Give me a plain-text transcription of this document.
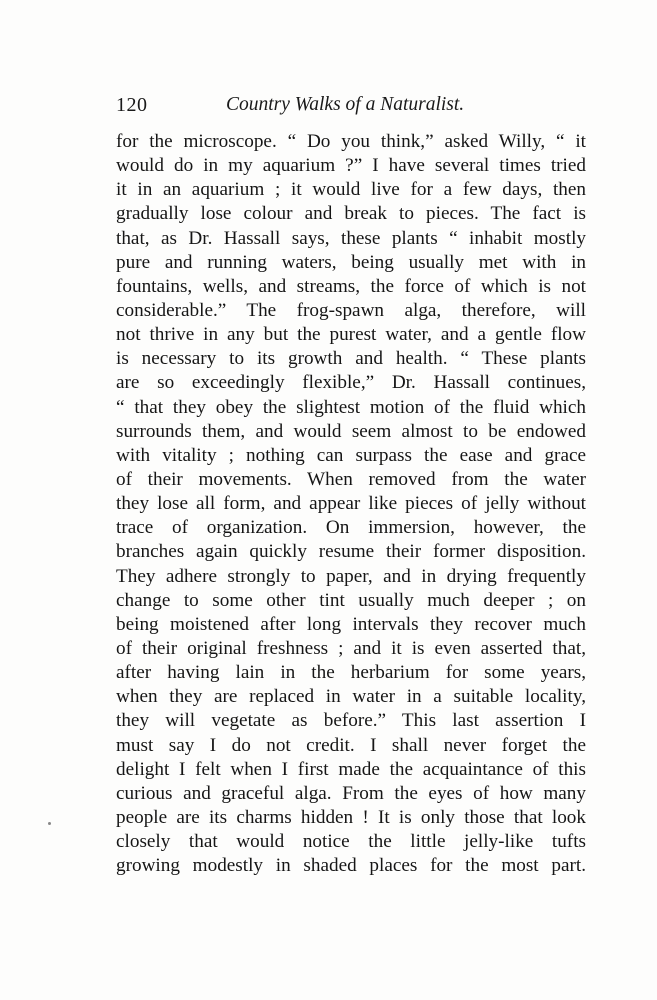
120	Country Walks of a Naturalist.
for the microscope. “ Do you think,” asked Willy, “ it
would do in my aquarium ?” I have several times tried
it in an aquarium ; it would live for a few days, then
gradually lose colour and break to pieces. The fact is
that, as Dr. Hassall says, these plants “ inhabit mostly
pure and running waters, being usually met with in
fountains, wells, and streams, the force of which is not
considerable.” The frog-spawn alga, therefore, will
not thrive in any but the purest water, and a gentle flow
is necessary to its growth and health. “ These plants
are so exceedingly flexible,” Dr. Hassall continues,
“ that they obey the slightest motion of the fluid which
surrounds them, and would seem almost to be endowed
with vitality ; nothing can surpass the ease and grace
of their movements. When removed from the water
they lose all form, and appear like pieces of jelly without
trace of organization. On immersion, however, the
branches again quickly resume their former disposition.
They adhere strongly to paper, and in drying frequently
change to some other tint usually much deeper ; on
being moistened after long intervals they recover much
of their original freshness ; and it is even asserted that,
after having lain in the herbarium for some years,
when they are replaced in water in a suitable locality,
they will vegetate as before.” This last assertion I
must say I do not credit. I shall never forget the
delight I felt when I first made the acquaintance of this
curious and graceful alga. From the eyes of how many
people are its charms hidden ! It is only those that look
closely that would notice the little jelly-like tufts
growing modestly in shaded places for the most part.
